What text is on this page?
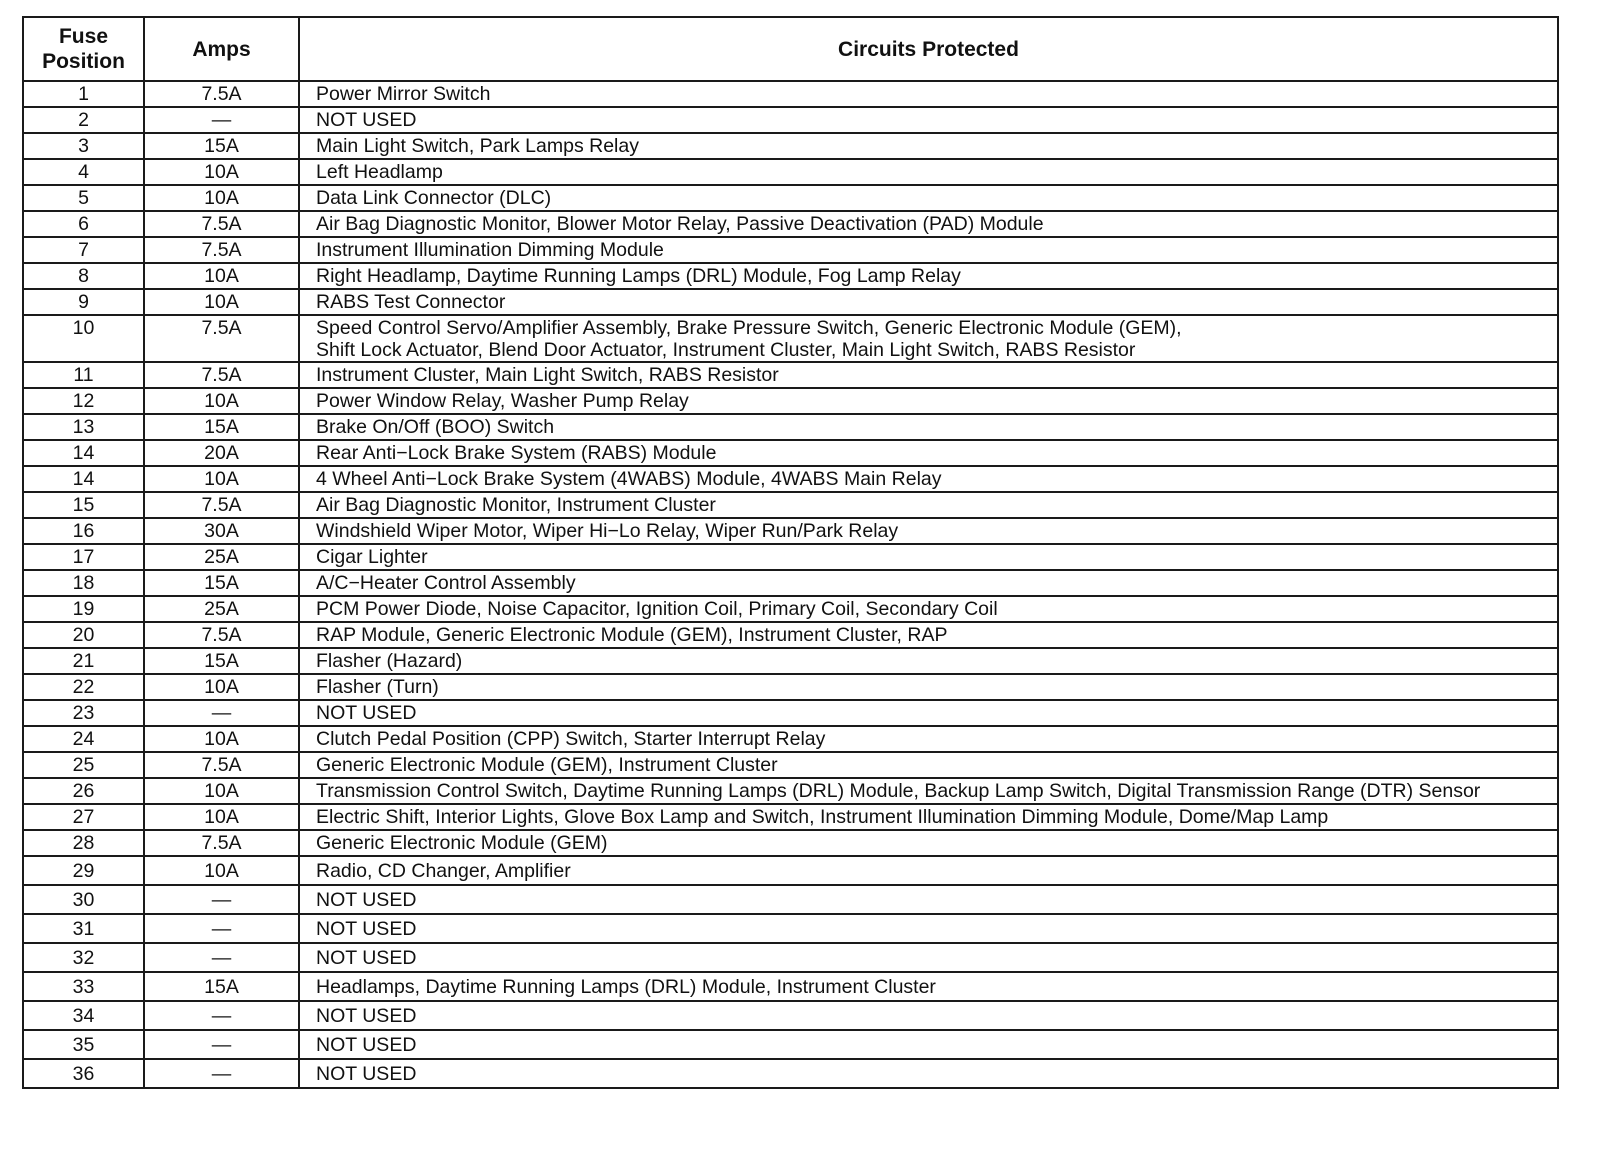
Fuse
Position	Amps	Circuits Protected
1	7.5A	Power Mirror Switch
2	—	NOT USED
3	15A	Main Light Switch, Park Lamps Relay
4	10A	Left Headlamp
5	10A	Data Link Connector (DLC)
6	7.5A	Air Bag Diagnostic Monitor, Blower Motor Relay, Passive Deactivation (PAD) Module
7	7.5A	Instrument Illumination Dimming Module
8	10A	Right Headlamp, Daytime Running Lamps (DRL) Module, Fog Lamp Relay
9	10A	RABS Test Connector
10	7.5A	Speed Control Servo/Amplifier Assembly, Brake Pressure Switch, Generic Electronic Module (GEM),
Shift Lock Actuator, Blend Door Actuator, Instrument Cluster, Main Light Switch, RABS Resistor
11	7.5A	Instrument Cluster, Main Light Switch, RABS Resistor
12	10A	Power Window Relay, Washer Pump Relay
13	15A	Brake On/Off (BOO) Switch
14	20A	Rear Anti−Lock Brake System (RABS) Module
14	10A	4 Wheel Anti−Lock Brake System (4WABS) Module, 4WABS Main Relay
15	7.5A	Air Bag Diagnostic Monitor, Instrument Cluster
16	30A	Windshield Wiper Motor, Wiper Hi−Lo Relay, Wiper Run/Park Relay
17	25A	Cigar Lighter
18	15A	A/C−Heater Control Assembly
19	25A	PCM Power Diode, Noise Capacitor, Ignition Coil, Primary Coil, Secondary Coil
20	7.5A	RAP Module, Generic Electronic Module (GEM), Instrument Cluster, RAP
21	15A	Flasher (Hazard)
22	10A	Flasher (Turn)
23	—	NOT USED
24	10A	Clutch Pedal Position (CPP) Switch, Starter Interrupt Relay
25	7.5A	Generic Electronic Module (GEM), Instrument Cluster
26	10A	Transmission Control Switch, Daytime Running Lamps (DRL) Module, Backup Lamp Switch, Digital Transmission Range (DTR) Sensor
27	10A	Electric Shift, Interior Lights, Glove Box Lamp and Switch, Instrument Illumination Dimming Module, Dome/Map Lamp
28	7.5A	Generic Electronic Module (GEM)
29	10A	Radio, CD Changer, Amplifier
30	—	NOT USED
31	—	NOT USED
32	—	NOT USED
33	15A	Headlamps, Daytime Running Lamps (DRL) Module, Instrument Cluster
34	—	NOT USED
35	—	NOT USED
36	—	NOT USED
